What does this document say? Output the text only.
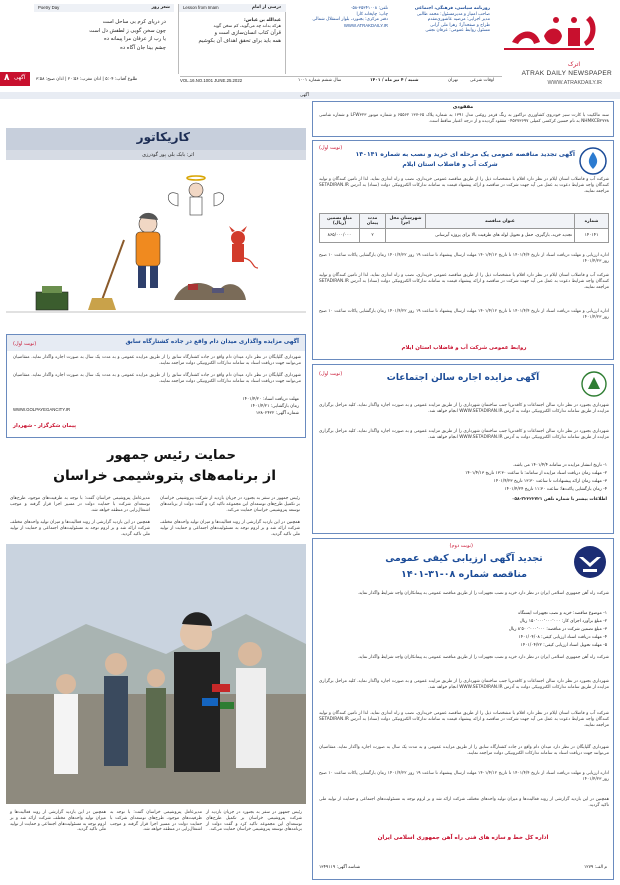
اترک
ATRAK DAILY NEWSPAPER
WWW.ATRAKDAILY.IR
روزنامه سیاسی، فرهنگی، اجتماعی
صاحب امتیاز و مدیرمسئول: محمد طالبی
مدیر اجرایی: مرضیه عاشوری‌مقدم
طراح و صفحه‌آرا: زهرا ملی آرانی
مسئول روابط عمومی: عرفان نجفی
تلفن: ۳۵۳۴۱۰۰۸-۰۵۸
چاپ: چاپخانه کارا
دفتر مرکزی: بجنورد، بلوار استقلال شمالی
WWW.ATRAKDAILY.IR
Lesson from Imam	درسی از امام
عبدالله بن عباس:
هرکه بداند چه می‌گوید، کم سخن گوید
قرآن کتاب انسان‌سازی است و
همه باید برای تحقق اهداف آن بکوشیم
Poetry Day	شعر روز
در دریای کرم بی ساحل است
چون سخن گویی ز لطفش دل است
یا رب از عرفان مرا پیمانه ده
چشم بینا جان آگاه ده
۸ آگهی طلوع آفتاب: ۵:۰۴ | اذان مغرب: ۲۰:۵۶ | اذان صبح: ۳:۵۸	VOL.16.NO.1001 JUNE.25.2022	سال ششم شماره ۱۰۰۱	شنبه / ۴ تیر ماه / ۱۴۰۱	تهران	اوقات شرعی
آگهی
مفقودی
سند مالکیت با کارت سبز خودروی کشاورزی تراکتور به رنگ قرمز روغنی مدل ۱۳۹۱ به شماره پلاک ۶۵-۱۳۷ ۶۵۵۶۲ و شماره موتور LFW۳۲۳ و شماره شاسی NHMKCB۲۷۳۸ به نام حسین کرکمنی کمیلی ۰۴۵۲۷۳۶۹۷ مفقود گردیده و از درجه اعتبار ساقط است.
(نوبت اول)
آگهی تجدید مناقصه عمومی یک مرحله ای خرید و نصب به شماره ۱۴۰۱۴۱
شرکت آب و فاضلاب استان ایلام
شرکت آب و فاضلاب استان ایلام در نظر دارد اقلام با مشخصات ذیل را از طریق مناقصه عمومی خریداری، نصب و راه اندازی نماید. لذا از تامین کنندگان و تولید کنندگان واجد شرایط دعوت به عمل می آید جهت شرکت در مناقصه و ارائه پیشنهاد قیمت به سامانه تدارکات الکترونیکی دولت (ستاد) به آدرس SETADIRAN.IR مراجعه نمایند.
شماره	عنوان مناقصه	شهرستان محل اجرا	مدت پیمان	مبلغ تضمین (ریال)
۱۴۰۱۴۱	تجدید خرید، بارگیری، حمل و تحویل لوله های ظرفیت بالا برای پروژه آبرسانی		۲	۸۶۵/۰۰۰/۰۰۰
اداره ارزیابی و مهلت دریافت اسناد از تاریخ ۱۴۰۱/۴/۴ تا تاریخ ۱۴۰۱/۴/۱۲ مهلت ارسال پیشنهاد تا ساعت ۱۹ روز ۱۴۰۱/۴/۲۲ زمان بازگشایی پاکات ساعت ۱۰ صبح روز ۱۴۰۱/۴/۲۳
شرکت آب و فاضلاب استان ایلام در نظر دارد اقلام با مشخصات ذیل را از طریق مناقصه عمومی خریداری، نصب و راه اندازی نماید. لذا از تامین کنندگان و تولید کنندگان واجد شرایط دعوت به عمل می آید جهت شرکت در مناقصه و ارائه پیشنهاد قیمت به سامانه تدارکات الکترونیکی دولت (ستاد) به آدرس SETADIRAN.IR مراجعه نمایند.
اداره ارزیابی و مهلت دریافت اسناد از تاریخ ۱۴۰۱/۴/۴ تا تاریخ ۱۴۰۱/۴/۱۲ مهلت ارسال پیشنهاد تا ساعت ۱۹ روز ۱۴۰۱/۴/۲۲ زمان بازگشایی پاکات ساعت ۱۰ صبح روز ۱۴۰۱/۴/۲۳
روابط عمومی شرکت آب و فاضلاب استان ایلام
کاریکاتور
اثر: بابک بلی پور گودرزی
(نوبت اول)	آگهی مزایده واگذاری میدان دام واقع در جاده کشتارگاه سابق
شهرداری گلپایگان در نظر دارد میدان دام واقع در جاده کشتارگاه سابق را از طریق مزایده عمومی و به مدت یک سال به صورت اجاره واگذار نماید. متقاضیان می‌توانند جهت دریافت اسناد به سامانه تدارکات الکترونیکی دولت مراجعه نمایند.
شهرداری گلپایگان در نظر دارد میدان دام واقع در جاده کشتارگاه سابق را از طریق مزایده عمومی و به مدت یک سال به صورت اجاره واگذار نماید. متقاضیان می‌توانند جهت دریافت اسناد به سامانه تدارکات الکترونیکی دولت مراجعه نمایند.
مهلت دریافت اسناد: ۱۴۰۱/۴/۲۰
زمان بازگشایی: ۱۴۰۱/۴/۲۱
شماره آگهی: ۱۳۸۰۲۴۲۲
WWW.GOLPAYEGANCITY.IR
پیمان شکرگزار - شهردار
(نوبت اول)	آگهی مزایده اجاره سالن اجتماعات
شهرداری بجنورد در نظر دارد سالن اجتماعات و کافه‌تریا جنب ساختمان شهرداری را از طریق مزایده عمومی و به صورت اجاره واگذار نماید. کلیه مراحل برگزاری مزایده از طریق سامانه تدارکات الکترونیکی دولت به آدرس WWW.SETADIRAN.IR انجام خواهد شد.
شهرداری بجنورد در نظر دارد سالن اجتماعات و کافه‌تریا جنب ساختمان شهرداری را از طریق مزایده عمومی و به صورت اجاره واگذار نماید. کلیه مراحل برگزاری مزایده از طریق سامانه تدارکات الکترونیکی دولت به آدرس WWW.SETADIRAN.IR انجام خواهد شد.
۱- تاریخ انتشار مزایده در سامانه ۱۴۰۱/۴/۴ می باشد.
۲- مهلت زمان دریافت اسناد مزایده از سامانه: تا ساعت ۱۳:۳۰ تاریخ ۱۴۰۱/۴/۱۳
۳- مهلت زمان ارائه پیشنهادات تا ساعت ۱۳:۳۰ تاریخ ۱۴۰۱/۴/۲۳
۴- زمان بازگشایی پاکت‌ها: ساعت ۱۱:۳۰ تاریخ ۱۴۰۱/۴/۲۴
اطلاعات بیشتر با شماره تلفن ۳۲۲۲۲۷۲۱-۰۵۸
حمایت رئیس جمهور
از برنامه‌های پتروشیمی خراسان
رئیس جمهور در سفر به بجنورد در جریان بازدید از شرکت پتروشیمی خراسان بر تکمیل طرح‌های توسعه‌ای این مجموعه تاکید کرد و گفت دولت از برنامه‌های توسعه پتروشیمی خراسان حمایت می‌کند.
مدیرعامل پتروشیمی خراسان گفت: با توجه به ظرفیت‌های موجود، طرح‌های توسعه‌ای شرکت با حمایت دولت در مسیر اجرا قرار گرفته و موجب اشتغال‌زایی در منطقه خواهد شد.
همچنین در این بازدید گزارشی از روند فعالیت‌ها و میزان تولید واحدهای مختلف شرکت ارائه شد و بر لزوم توجه به مسئولیت‌های اجتماعی و حمایت از تولید ملی تاکید گردید.
همچنین در این بازدید گزارشی از روند فعالیت‌ها و میزان تولید واحدهای مختلف شرکت ارائه شد و بر لزوم توجه به مسئولیت‌های اجتماعی و حمایت از تولید ملی تاکید گردید.
همچنین در این بازدید گزارشی از روند فعالیت‌ها و میزان تولید واحدهای مختلف شرکت ارائه شد و بر لزوم توجه به مسئولیت‌های اجتماعی و حمایت از تولید ملی تاکید گردید.
مدیرعامل پتروشیمی خراسان گفت: با توجه به ظرفیت‌های موجود، طرح‌های توسعه‌ای شرکت با حمایت دولت در مسیر اجرا قرار گرفته و موجب اشتغال‌زایی در منطقه خواهد شد.
رئیس جمهور در سفر به بجنورد در جریان بازدید از شرکت پتروشیمی خراسان بر تکمیل طرح‌های توسعه‌ای این مجموعه تاکید کرد و گفت دولت از برنامه‌های توسعه پتروشیمی خراسان حمایت می‌کند.
(نوبت دوم)
تجدید آگهی ارزیابی کیفی عمومی
مناقصه شماره ۰۸-۳۱-۱۴۰۱
شرکت راه آهن جمهوری اسلامی ایران در نظر دارد خرید و نصب تجهیزات را از طریق مناقصه عمومی به پیمانکاران واجد شرایط واگذار نماید.
۱- موضوع مناقصه: خرید و نصب تجهیزات ایستگاه
۲- مبلغ برآورد اجرای کار: ۱۵۰٬۰۰۰٬۰۰۰٬۰۰۰ ریال
۳- مبلغ تضمین شرکت در مناقصه: ۸٬۵۰۰٬۰۰۰٬۰۰۰ ریال
۴- مهلت دریافت اسناد ارزیابی کیفی: ۱۴۰۱/۰۴/۰۸
۵- مهلت تحویل اسناد ارزیابی کیفی: ۱۴۰۱/۰۴/۲۲
شرکت راه آهن جمهوری اسلامی ایران در نظر دارد خرید و نصب تجهیزات را از طریق مناقصه عمومی به پیمانکاران واجد شرایط واگذار نماید.
شهرداری بجنورد در نظر دارد سالن اجتماعات و کافه‌تریا جنب ساختمان شهرداری را از طریق مزایده عمومی و به صورت اجاره واگذار نماید. کلیه مراحل برگزاری مزایده از طریق سامانه تدارکات الکترونیکی دولت به آدرس WWW.SETADIRAN.IR انجام خواهد شد.
شرکت آب و فاضلاب استان ایلام در نظر دارد اقلام با مشخصات ذیل را از طریق مناقصه عمومی خریداری، نصب و راه اندازی نماید. لذا از تامین کنندگان و تولید کنندگان واجد شرایط دعوت به عمل می آید جهت شرکت در مناقصه و ارائه پیشنهاد قیمت به سامانه تدارکات الکترونیکی دولت (ستاد) به آدرس SETADIRAN.IR مراجعه نمایند.
شهرداری گلپایگان در نظر دارد میدان دام واقع در جاده کشتارگاه سابق را از طریق مزایده عمومی و به مدت یک سال به صورت اجاره واگذار نماید. متقاضیان می‌توانند جهت دریافت اسناد به سامانه تدارکات الکترونیکی دولت مراجعه نمایند.
اداره ارزیابی و مهلت دریافت اسناد از تاریخ ۱۴۰۱/۴/۴ تا تاریخ ۱۴۰۱/۴/۱۲ مهلت ارسال پیشنهاد تا ساعت ۱۹ روز ۱۴۰۱/۴/۲۲ زمان بازگشایی پاکات ساعت ۱۰ صبح روز ۱۴۰۱/۴/۲۳
همچنین در این بازدید گزارشی از روند فعالیت‌ها و میزان تولید واحدهای مختلف شرکت ارائه شد و بر لزوم توجه به مسئولیت‌های اجتماعی و حمایت از تولید ملی تاکید گردید.
اداره کل خط و سازه های فنی راه آهن جمهوری اسلامی ایران
شناسه آگهی: ۱۳۴۹۱۱۹	م الف: ۱۲۷۹
